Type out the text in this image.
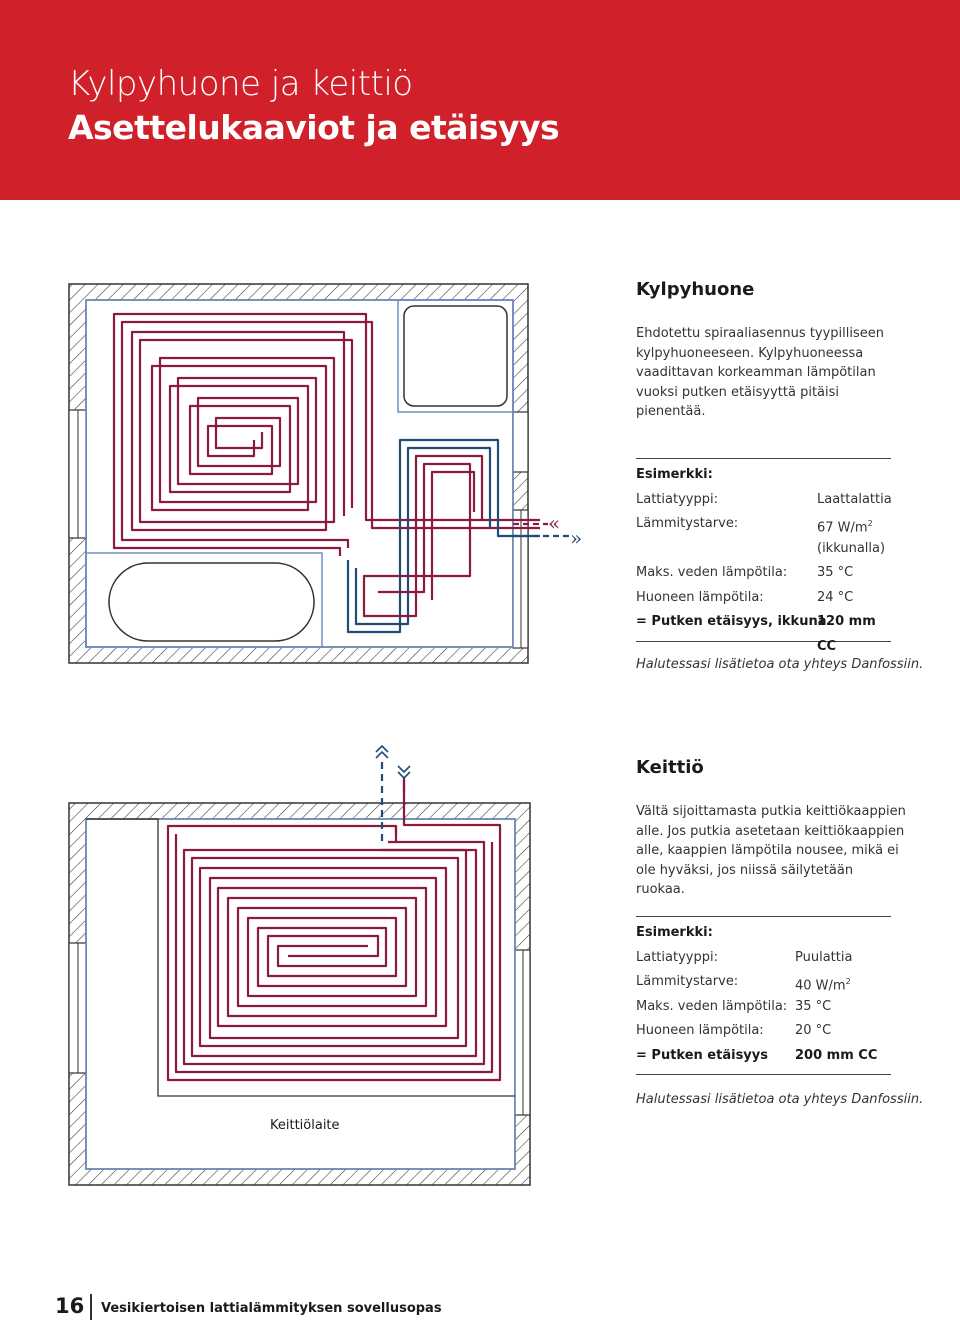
Kylpyhuone ja keittiö
Asettelukaaviot ja etäisyys
«
»
Kylpyhuone
Ehdotettu spiraaliasennus tyypilliseen kylpyhuoneeseen. Kylpyhuoneessa vaadittavan korkeamman lämpötilan vuoksi putken etäisyyttä pitäisi pienentää.
Esimerkki:
Lattiatyyppi:	Laattalattia
Lämmitystarve:	67 $W/m^2$
(ikkunalla)
Maks. veden lämpötila: 35 °C
Huoneen lämpötila:	24 °C
= Putken etäisyys, ikkuna
120 mm CC
Halutessasi lisätietoa ota yhteys Danfossiin.
Keittiölaite
Keittiö
Vältä sijoittamasta putkia keittiökaappien alle. Jos putkia asetetaan keittiökaappien alle, kaappien lämpötila nousee, mikä ei ole hyväksi, jos niissä säilytetään ruokaa.
Esimerkki:
Lattiatyyppi:	Puulattia
Lämmitystarve:	40 $W/m^2$
Maks. veden lämpötila: 35 °C
Huoneen lämpötila: 20 °C
= Putken etäisyys 200 mm CC
Halutessasi lisätietoa ota yhteys Danfossiin.
16 Vesikiertoisen lattialämmityksen sovellusopas
